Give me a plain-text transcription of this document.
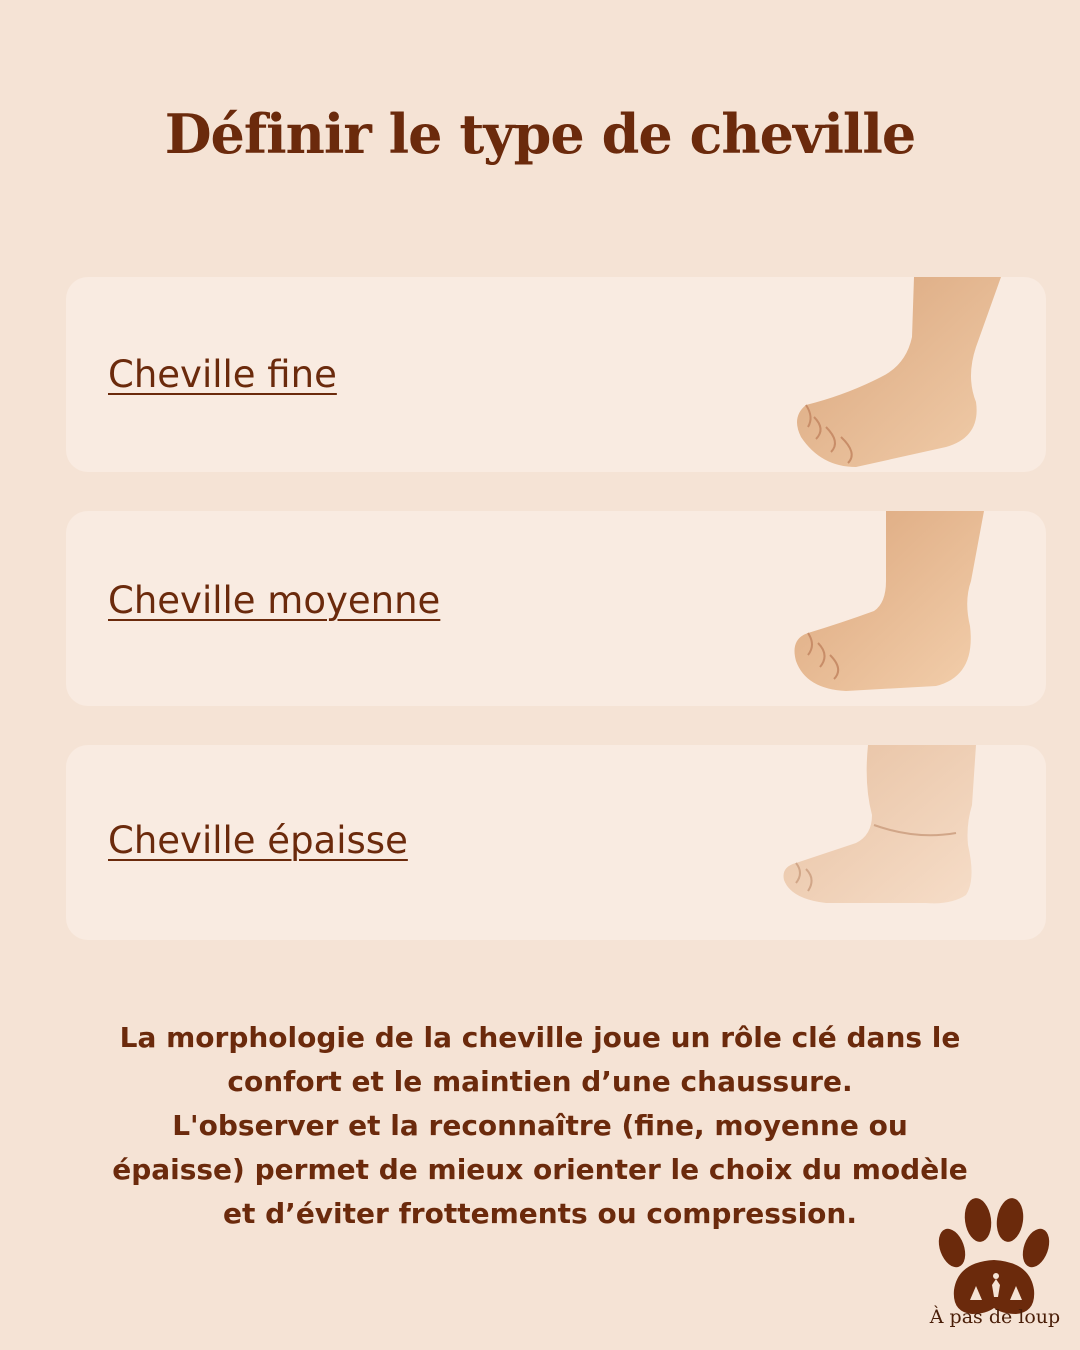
Définir le type de cheville
Cheville fine
Cheville moyenne
Cheville épaisse

La morphologie de la cheville joue un rôle clé dans le
confort et le maintien d’une chaussure.
L'observer et la reconnaître (fine, moyenne ou
épaisse) permet de mieux orienter le choix du modèle
et d’éviter frottements ou compression.

À pas de loup
